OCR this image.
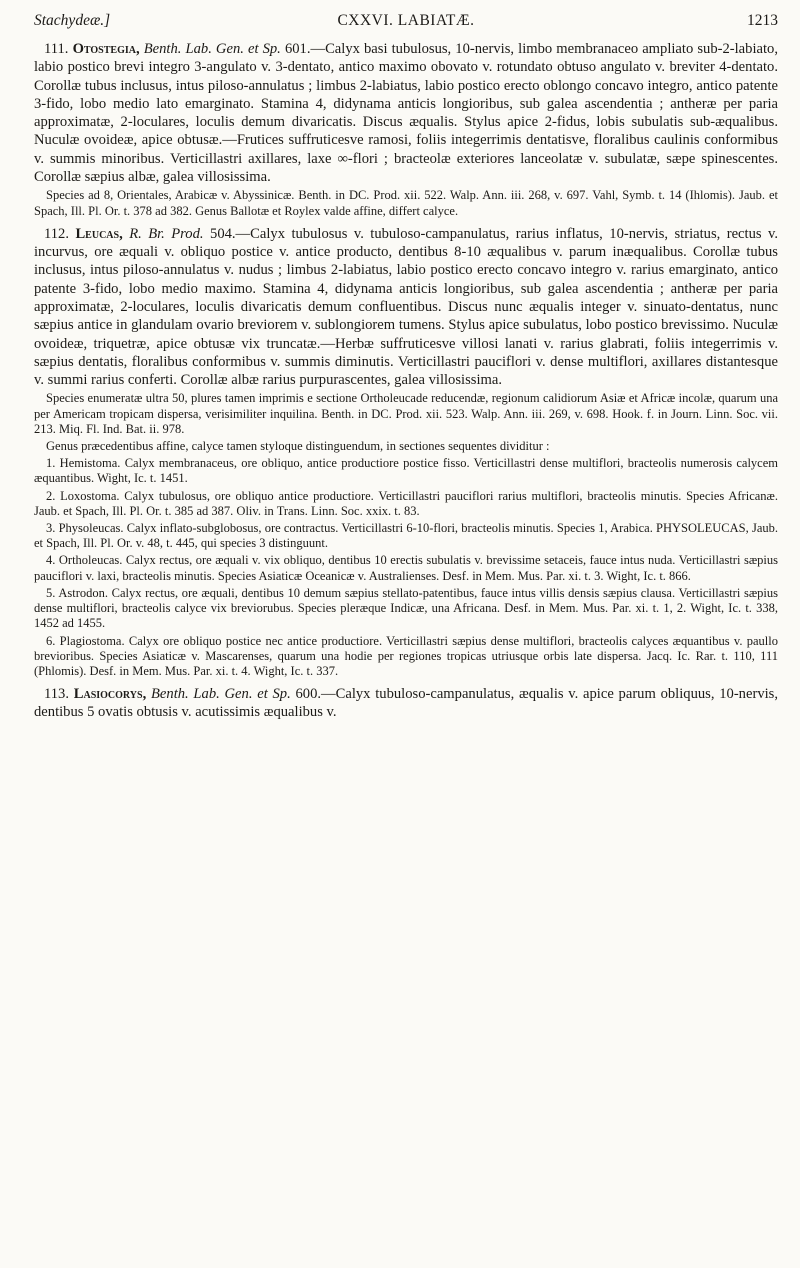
Stachydeæ.]	CXXVI. LABIATÆ.	1213

111. Otostegia, Benth. Lab. Gen. et Sp. 601.—Calyx basi tubulosus, 10-nervis, limbo membranaceo ampliato sub-2-labiato, labio postico brevi integro 3-angulato v. 3-dentato, antico maximo obovato v. rotundato obtuso angulato v. breviter 4-dentato. Corollæ tubus inclusus, intus piloso-annulatus ; limbus 2-labiatus, labio postico erecto oblongo concavo integro, antico patente 3-fido, lobo medio lato emarginato. Stamina 4, didynama anticis longioribus, sub galea ascendentia ; antheræ per paria approximatæ, 2-loculares, loculis demum divaricatis. Discus æqualis. Stylus apice 2-fidus, lobis subulatis sub-æqualibus. Nuculæ ovoideæ, apice obtusæ.—Frutices suffruticesve ramosi, foliis integerrimis dentatisve, floralibus caulinis conformibus v. summis minoribus. Verticillastri axillares, laxe ∞-flori ; bracteolæ exteriores lanceolatæ v. subulatæ, sæpe spinescentes. Corollæ sæpius albæ, galea villosissima.

Species ad 8, Orientales, Arabicæ v. Abyssinicæ. Benth. in DC. Prod. xii. 522. Walp. Ann. iii. 268, v. 697. Vahl, Symb. t. 14 (Ihlomis). Jaub. et Spach, Ill. Pl. Or. t. 378 ad 382. Genus Ballotæ et Roylex valde affine, differt calyce.

112. Leucas, R. Br. Prod. 504.—Calyx tubulosus v. tubuloso-campanulatus, rarius inflatus, 10-nervis, striatus, rectus v. incurvus, ore æquali v. obliquo postice v. antice producto, dentibus 8-10 æqualibus v. parum inæqualibus. Corollæ tubus inclusus, intus piloso-annulatus v. nudus ; limbus 2-labiatus, labio postico erecto concavo integro v. rarius emarginato, antico patente 3-fido, lobo medio maximo. Stamina 4, didynama anticis longioribus, sub galea ascendentia ; antheræ per paria approximatæ, 2-loculares, loculis divaricatis demum confluentibus. Discus nunc æqualis integer v. sinuato-dentatus, nunc sæpius antice in glandulam ovario breviorem v. sublongiorem tumens. Stylus apice subulatus, lobo postico brevissimo. Nuculæ ovoideæ, triquetræ, apice obtusæ vix truncatæ.—Herbæ suffruticesve villosi lanati v. rarius glabrati, foliis integerrimis v. sæpius dentatis, floralibus conformibus v. summis diminutis. Verticillastri pauciflori v. dense multiflori, axillares distantesque v. summi rarius conferti. Corollæ albæ rarius purpurascentes, galea villosissima.

Species enumeratæ ultra 50, plures tamen imprimis e sectione Ortholeucade reducendæ, regionum calidiorum Asiæ et Africæ incolæ, quarum una per Americam tropicam dispersa, verisimiliter inquilina. Benth. in DC. Prod. xii. 523. Walp. Ann. iii. 269, v. 698. Hook. f. in Journ. Linn. Soc. vii. 213. Miq. Fl. Ind. Bat. ii. 978.

Genus præcedentibus affine, calyce tamen styloque distinguendum, in sectiones sequentes dividitur :

1. Hemistoma. Calyx membranaceus, ore obliquo, antice productiore postice fisso. Verticillastri dense multiflori, bracteolis numerosis calycem æquantibus. Wight, Ic. t. 1451.

2. Loxostoma. Calyx tubulosus, ore obliquo antice productiore. Verticillastri pauciflori rarius multiflori, bracteolis minutis. Species Africanæ. Jaub. et Spach, Ill. Pl. Or. t. 385 ad 387. Oliv. in Trans. Linn. Soc. xxix. t. 83.

3. Physoleucas. Calyx inflato-subglobosus, ore contractus. Verticillastri 6-10-flori, bracteolis minutis. Species 1, Arabica. PHYSOLEUCAS, Jaub. et Spach, Ill. Pl. Or. v. 48, t. 445, qui species 3 distinguunt.

4. Ortholeucas. Calyx rectus, ore æquali v. vix obliquo, dentibus 10 erectis subulatis v. brevissime setaceis, fauce intus nuda. Verticillastri sæpius pauciflori v. laxi, bracteolis minutis. Species Asiaticæ Oceanicæ v. Australienses. Desf. in Mem. Mus. Par. xi. t. 3. Wight, Ic. t. 866.

5. Astrodon. Calyx rectus, ore æquali, dentibus 10 demum sæpius stellato-patentibus, fauce intus villis densis sæpius clausa. Verticillastri sæpius dense multiflori, bracteolis calyce vix breviorubus. Species pleræque Indicæ, una Africana. Desf. in Mem. Mus. Par. xi. t. 1, 2. Wight, Ic. t. 338, 1452 ad 1455.

6. Plagiostoma. Calyx ore obliquo postice nec antice productiore. Verticillastri sæpius dense multiflori, bracteolis calyces æquantibus v. paullo brevioribus. Species Asiaticæ v. Mascarenses, quarum una hodie per regiones tropicas utriusque orbis late dispersa. Jacq. Ic. Rar. t. 110, 111 (Phlomis). Desf. in Mem. Mus. Par. xi. t. 4. Wight, Ic. t. 337.

113. Lasiocorys, Benth. Lab. Gen. et Sp. 600.—Calyx tubuloso-campanulatus, æqualis v. apice parum obliquus, 10-nervis, dentibus 5 ovatis obtusis v. acutissimis æqualibus v.
